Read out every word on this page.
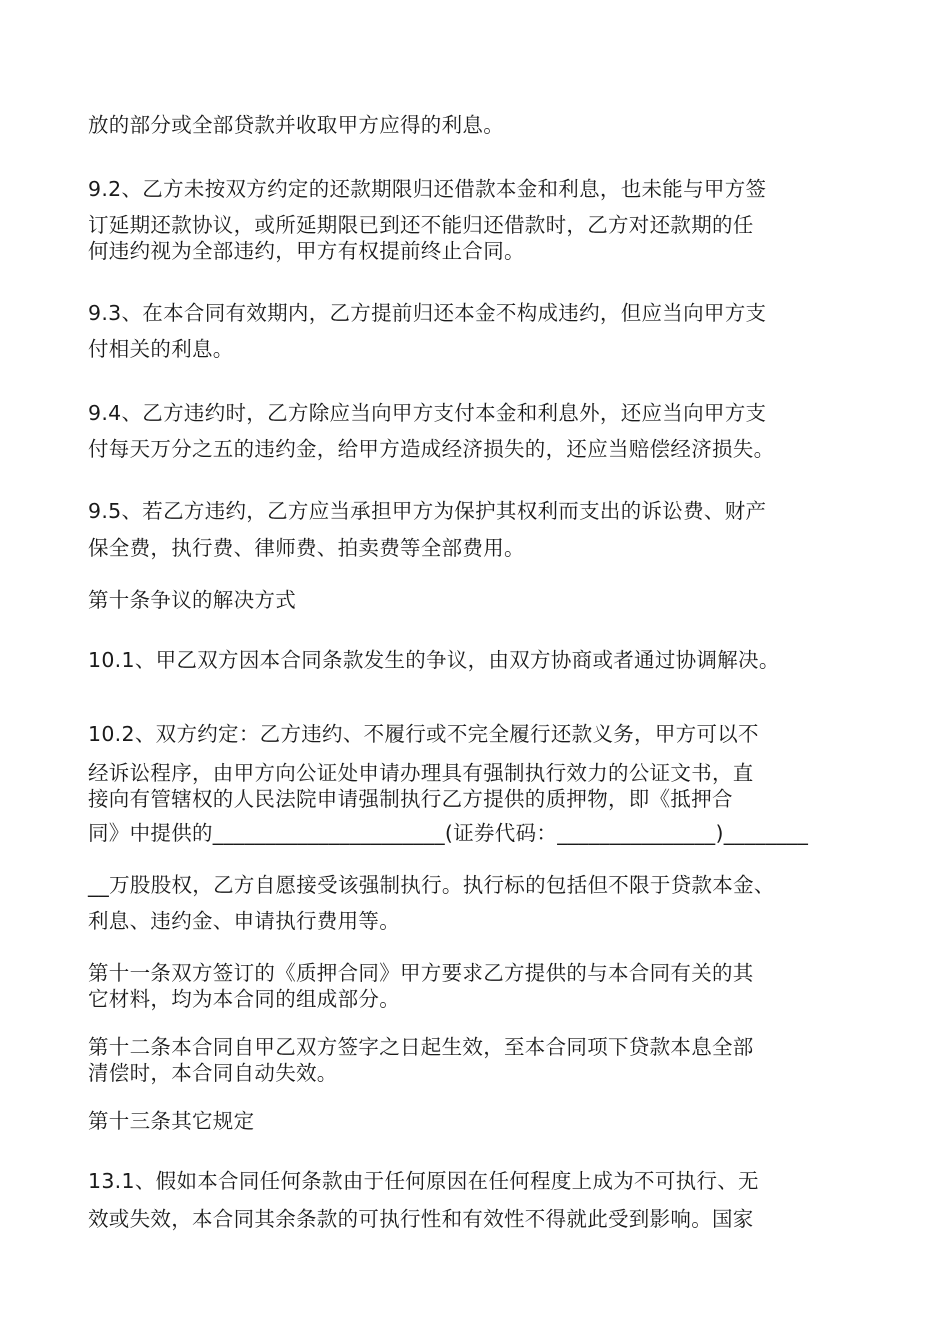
放的部分或全部贷款并收取甲方应得的利息。
9.2、乙方未按双方约定的还款期限归还借款本金和利息，也未能与甲方签
订延期还款协议，或所延期限已到还不能归还借款时，乙方对还款期的任
何违约视为全部违约，甲方有权提前终止合同。
9.3、在本合同有效期内，乙方提前归还本金不构成违约，但应当向甲方支
付相关的利息。
9.4、乙方违约时，乙方除应当向甲方支付本金和利息外，还应当向甲方支
付每天万分之五的违约金，给甲方造成经济损失的，还应当赔偿经济损失。
9.5、若乙方违约，乙方应当承担甲方为保护其权利而支出的诉讼费、财产
保全费，执行费、律师费、拍卖费等全部费用。
第十条争议的解决方式
10.1、甲乙双方因本合同条款发生的争议，由双方协商或者通过协调解决。
10.2、双方约定：乙方违约、不履行或不完全履行还款义务，甲方可以不
经诉讼程序，由甲方向公证处申请办理具有强制执行效力的公证文书，直
接向有管辖权的人民法院申请强制执行乙方提供的质押物，即《抵押合
同》中提供的______________________(证券代码：_______________)________
__万股股权，乙方自愿接受该强制执行。执行标的包括但不限于贷款本金、
利息、违约金、申请执行费用等。
第十一条双方签订的《质押合同》甲方要求乙方提供的与本合同有关的其
它材料，均为本合同的组成部分。
第十二条本合同自甲乙双方签字之日起生效，至本合同项下贷款本息全部
清偿时，本合同自动失效。
第十三条其它规定
13.1、假如本合同任何条款由于任何原因在任何程度上成为不可执行、无
效或失效，本合同其余条款的可执行性和有效性不得就此受到影响。国家
